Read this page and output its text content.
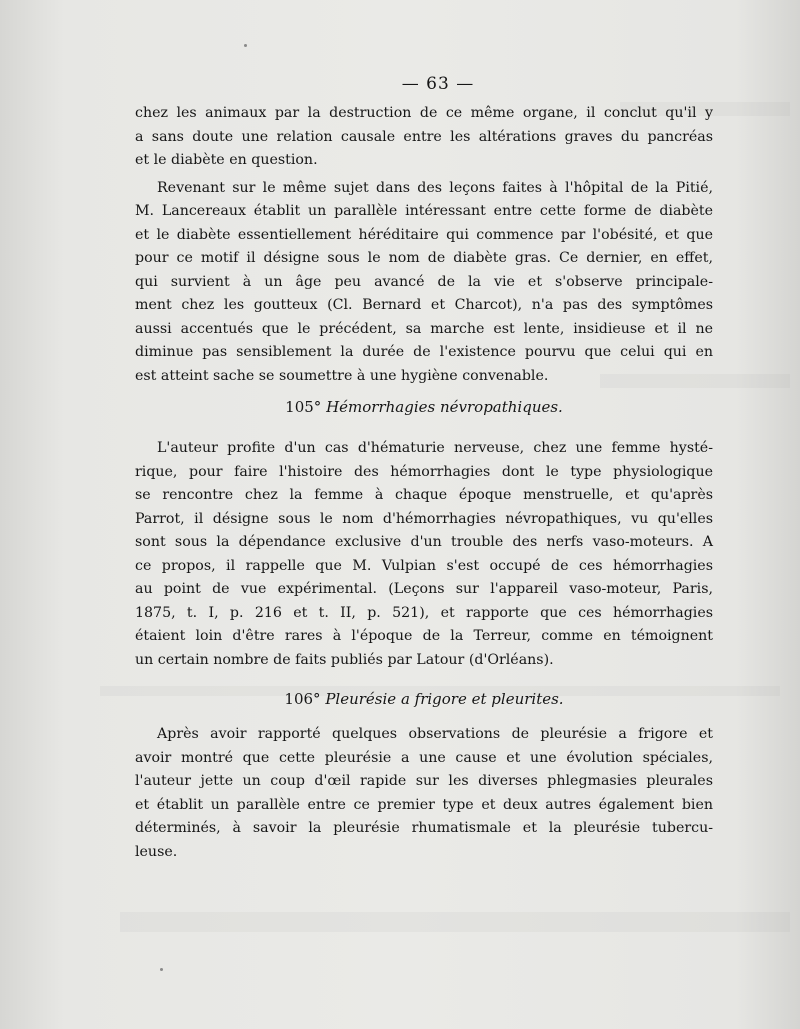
— 63 —
chez les animaux par la destruction de ce même organe, il conclut qu'il y
a sans doute une relation causale entre les altérations graves du pancréas
et le diabète en question.
Revenant sur le même sujet dans des leçons faites à l'hôpital de la Pitié,
M. Lancereaux établit un parallèle intéressant entre cette forme de diabète
et le diabète essentiellement héréditaire qui commence par l'obésité, et que
pour ce motif il désigne sous le nom de diabète gras. Ce dernier, en effet,
qui survient à un âge peu avancé de la vie et s'observe principale-
ment chez les goutteux (Cl. Bernard et Charcot), n'a pas des symptômes
aussi accentués que le précédent, sa marche est lente, insidieuse et il ne
diminue pas sensiblement la durée de l'existence pourvu que celui qui en
est atteint sache se soumettre à une hygiène convenable.
105° Hémorrhagies névropathiques.
L'auteur profite d'un cas d'hématurie nerveuse, chez une femme hysté-
rique, pour faire l'histoire des hémorrhagies dont le type physiologique
se rencontre chez la femme à chaque époque menstruelle, et qu'après
Parrot, il désigne sous le nom d'hémorrhagies névropathiques, vu qu'elles
sont sous la dépendance exclusive d'un trouble des nerfs vaso-moteurs. A
ce propos, il rappelle que M. Vulpian s'est occupé de ces hémorrhagies
au point de vue expérimental. (Leçons sur l'appareil vaso-moteur, Paris,
1875, t. I, p. 216 et t. II, p. 521), et rapporte que ces hémorrhagies
étaient loin d'être rares à l'époque de la Terreur, comme en témoignent
un certain nombre de faits publiés par Latour (d'Orléans).
106° Pleurésie a frigore et pleurites.
Après avoir rapporté quelques observations de pleurésie a frigore et
avoir montré que cette pleurésie a une cause et une évolution spéciales,
l'auteur jette un coup d'œil rapide sur les diverses phlegmasies pleurales
et établit un parallèle entre ce premier type et deux autres également bien
déterminés, à savoir la pleurésie rhumatismale et la pleurésie tubercu-
leuse.
